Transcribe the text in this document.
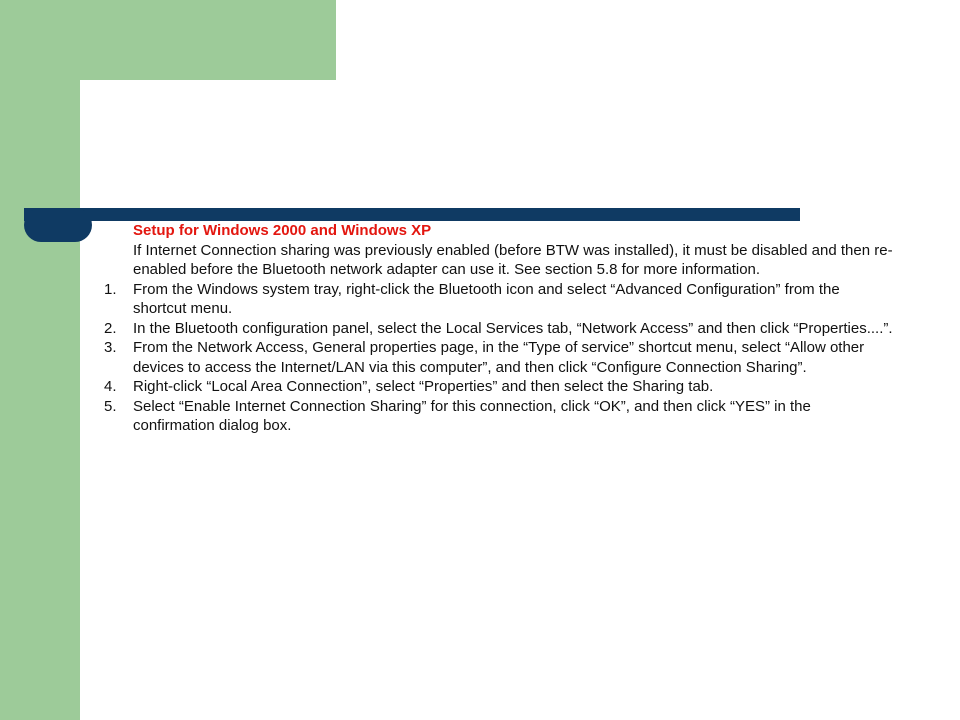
Setup for Windows 2000 and Windows XP

If Internet Connection sharing was previously enabled (before BTW was installed), it must be disabled and then re-enabled before the Bluetooth network adapter can use it. See section 5.8 for more information.

1.	From the Windows system tray, right-click the Bluetooth icon and select “Advanced Configuration” from the shortcut menu.
2.	In the Bluetooth configuration panel, select the Local Services tab, “Network Access” and then click “Properties....”.
3.	From the Network Access, General properties page, in the “Type of service” shortcut menu, select “Allow other devices to access the Internet/LAN via this computer”, and then click “Configure Connection Sharing”.
4.	Right-click “Local Area Connection”, select “Properties” and then select the Sharing tab.
5.	Select “Enable Internet Connection Sharing” for this connection, click “OK”, and then click “YES” in the confirmation dialog box.
